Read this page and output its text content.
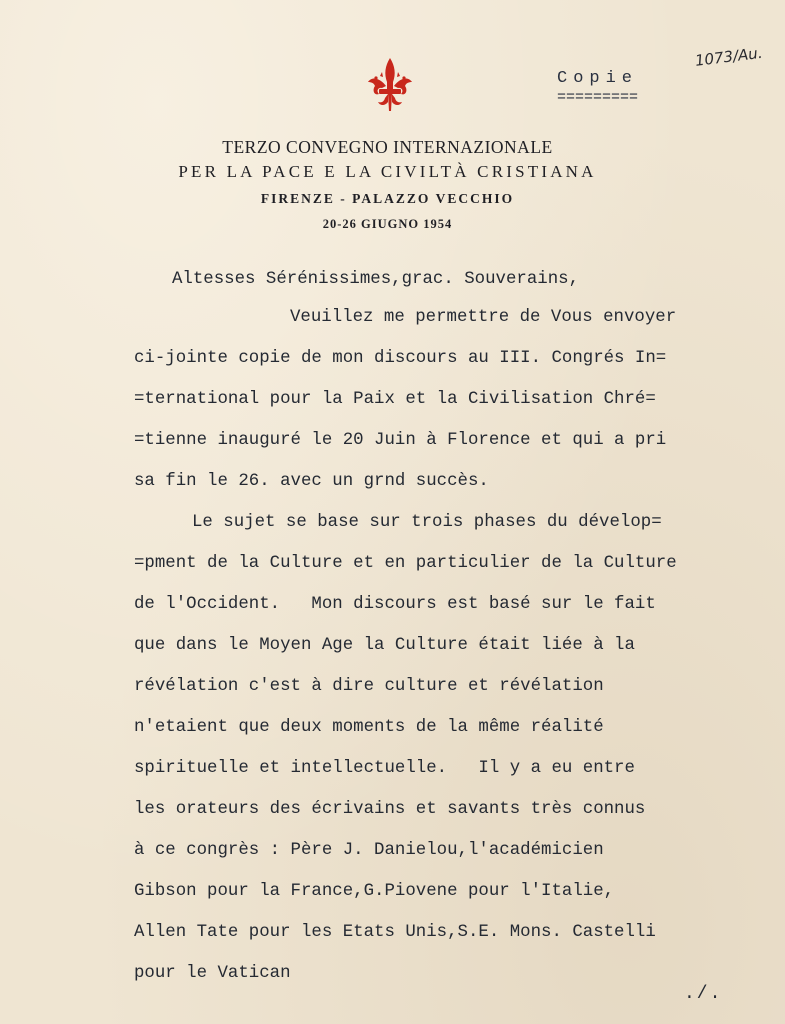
Copie
=========
1073/Au.
TERZO CONVEGNO INTERNAZIONALE
PER LA PACE E LA CIVILTÀ CRISTIANA
FIRENZE - PALAZZO VECCHIO
20-26 GIUGNO 1954
Altesses Sérénissimes,grac. Souverains,
Veuillez me permettre de Vous envoyer
ci-jointe copie de mon discours au III. Congrés In=
=ternational pour la Paix et la Civilisation Chré=
=tienne inauguré le 20 Juin à Florence et qui a pri
sa fin le 26. avec un grnd succès.
Le sujet se base sur trois phases du dévelop=
=pment de la Culture et en particulier de la Culture
de l'Occident.   Mon discours est basé sur le fait
que dans le Moyen Age la Culture était liée à la
révélation c'est à dire culture et révélation
n'etaient que deux moments de la même réalité
spirituelle et intellectuelle.   Il y a eu entre
les orateurs des écrivains et savants très connus
à ce congrès : Père J. Danielou,l'académicien
Gibson pour la France,G.Piovene pour l'Italie,
Allen Tate pour les Etats Unis,S.E. Mons. Castelli
pour le Vatican
./.
